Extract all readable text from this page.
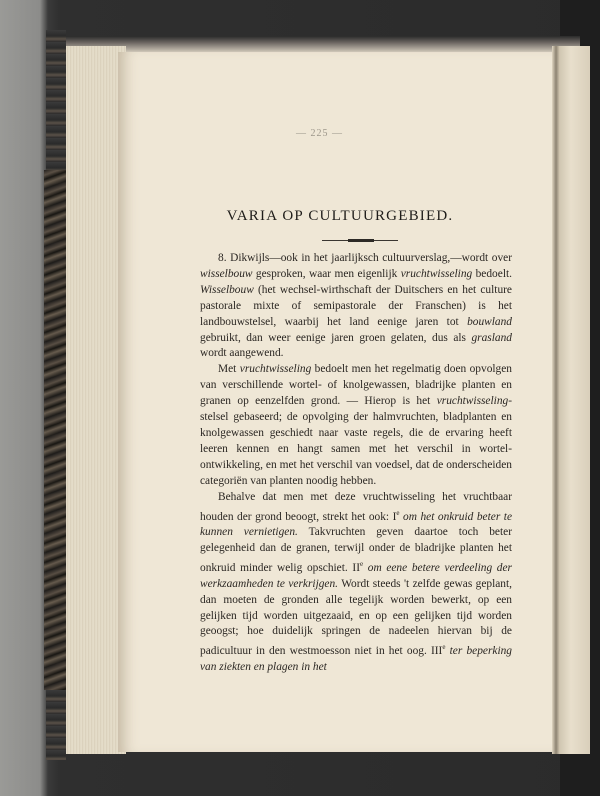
— 225 —
VARIA OP CULTUURGEBIED.

8. Dikwijls—ook in het jaarlijksch cultuurverslag,—wordt over wisselbouw gesproken, waar men eigenlijk vruchtwisseling bedoelt. Wisselbouw (het wechsel-wirthschaft der Duitschers en het culture pastorale mixte of semipastorale der Franschen) is het landbouwstelsel, waarbij het land eenige jaren tot bouwland gebruikt, dan weer eenige jaren groen gelaten, dus als grasland wordt aangewend.

Met vruchtwisseling bedoelt men het regelmatig doen opvolgen van verschillende wortel- of knolgewassen, bladrijke planten en granen op eenzelfden grond. — Hierop is het vruchtwisseling- stelsel gebaseerd; de opvolging der halmvruchten, bladplanten en knolgewassen geschiedt naar vaste regels, die de ervaring heeft leeren kennen en hangt samen met het verschil in wortel-ontwikkeling, en met het verschil van voedsel, dat de onderscheiden categoriën van planten noodig hebben.

Behalve dat men met deze vruchtwisseling het vruchtbaar houden der grond beoogt, strekt het ook: Ie om het onkruid beter te kunnen vernietigen. Takvruchten geven daartoe toch beter gelegenheid dan de granen, terwijl onder de bladrijke planten het onkruid minder welig opschiet. IIe om eene betere verdeeling der werkzaamheden te verkrijgen. Wordt steeds 't zelfde gewas geplant, dan moeten de gronden alle tegelijk worden bewerkt, op een gelijken tijd worden uitgezaaid, en op een gelijken tijd worden geoogst; hoe duidelijk springen de nadeelen hiervan bij de padicultuur in den westmoesson niet in het oog. IIIe ter beperking van ziekten en plagen in het
